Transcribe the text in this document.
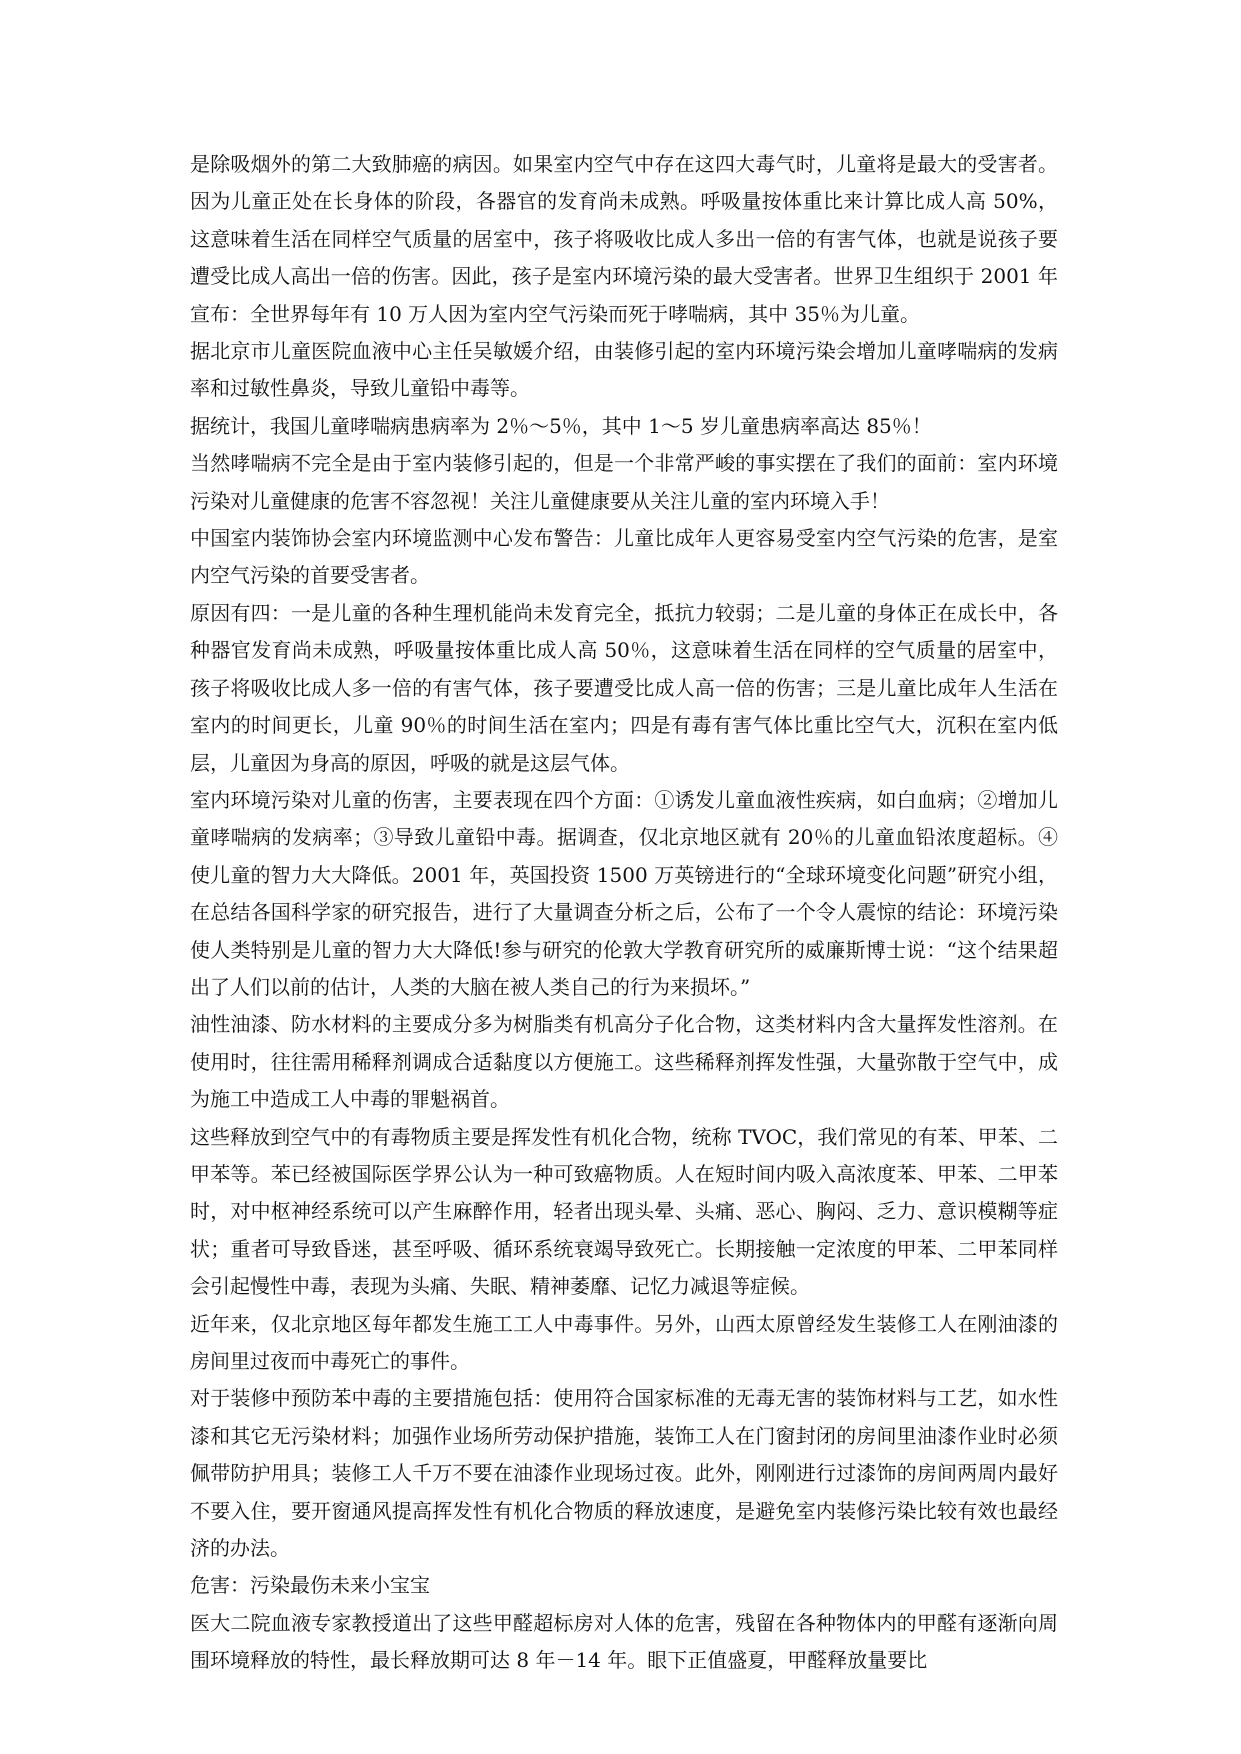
是除吸烟外的第二大致肺癌的病因。如果室内空气中存在这四大毒气时，儿童将是最大的受害者。因为儿童正处在长身体的阶段，各器官的发育尚未成熟。呼吸量按体重比来计算比成人高 50%，这意味着生活在同样空气质量的居室中，孩子将吸收比成人多出一倍的有害气体，也就是说孩子要遭受比成人高出一倍的伤害。因此，孩子是室内环境污染的最大受害者。世界卫生组织于 2001 年宣布：全世界每年有 10 万人因为室内空气污染而死于哮喘病，其中 35％为儿童。

据北京市儿童医院血液中心主任吴敏媛介绍，由装修引起的室内环境污染会增加儿童哮喘病的发病率和过敏性鼻炎，导致儿童铅中毒等。

据统计，我国儿童哮喘病患病率为 2％～5％，其中 1～5 岁儿童患病率高达 85％！

当然哮喘病不完全是由于室内装修引起的，但是一个非常严峻的事实摆在了我们的面前：室内环境污染对儿童健康的危害不容忽视！关注儿童健康要从关注儿童的室内环境入手！

中国室内装饰协会室内环境监测中心发布警告：儿童比成年人更容易受室内空气污染的危害，是室内空气污染的首要受害者。

原因有四：一是儿童的各种生理机能尚未发育完全，抵抗力较弱；二是儿童的身体正在成长中，各种器官发育尚未成熟，呼吸量按体重比成人高 50％，这意味着生活在同样的空气质量的居室中，孩子将吸收比成人多一倍的有害气体，孩子要遭受比成人高一倍的伤害；三是儿童比成年人生活在室内的时间更长，儿童 90％的时间生活在室内；四是有毒有害气体比重比空气大，沉积在室内低层，儿童因为身高的原因，呼吸的就是这层气体。

室内环境污染对儿童的伤害，主要表现在四个方面：①诱发儿童血液性疾病，如白血病；②增加儿童哮喘病的发病率；③导致儿童铅中毒。据调查，仅北京地区就有 20％的儿童血铅浓度超标。④使儿童的智力大大降低。2001 年，英国投资 1500 万英镑进行的“全球环境变化问题”研究小组，在总结各国科学家的研究报告，进行了大量调查分析之后，公布了一个令人震惊的结论：环境污染使人类特别是儿童的智力大大降低!参与研究的伦敦大学教育研究所的威廉斯博士说：“这个结果超出了人们以前的估计，人类的大脑在被人类自己的行为来损坏。”

油性油漆、防水材料的主要成分多为树脂类有机高分子化合物，这类材料内含大量挥发性溶剂。在使用时，往往需用稀释剂调成合适黏度以方便施工。这些稀释剂挥发性强，大量弥散于空气中，成为施工中造成工人中毒的罪魁祸首。

这些释放到空气中的有毒物质主要是挥发性有机化合物，统称 TVOC，我们常见的有苯、甲苯、二甲苯等。苯已经被国际医学界公认为一种可致癌物质。人在短时间内吸入高浓度苯、甲苯、二甲苯时，对中枢神经系统可以产生麻醉作用，轻者出现头晕、头痛、恶心、胸闷、乏力、意识模糊等症状；重者可导致昏迷，甚至呼吸、循环系统衰竭导致死亡。长期接触一定浓度的甲苯、二甲苯同样会引起慢性中毒，表现为头痛、失眠、精神萎靡、记忆力减退等症候。

近年来，仅北京地区每年都发生施工工人中毒事件。另外，山西太原曾经发生装修工人在刚油漆的房间里过夜而中毒死亡的事件。

对于装修中预防苯中毒的主要措施包括：使用符合国家标准的无毒无害的装饰材料与工艺，如水性漆和其它无污染材料；加强作业场所劳动保护措施，装饰工人在门窗封闭的房间里油漆作业时必须佩带防护用具；装修工人千万不要在油漆作业现场过夜。此外，刚刚进行过漆饰的房间两周内最好不要入住，要开窗通风提高挥发性有机化合物质的释放速度，是避免室内装修污染比较有效也最经济的办法。

危害：污染最伤未来小宝宝

医大二院血液专家教授道出了这些甲醛超标房对人体的危害，残留在各种物体内的甲醛有逐渐向周围环境释放的特性，最长释放期可达 8 年－14 年。眼下正值盛夏，甲醛释放量要比
